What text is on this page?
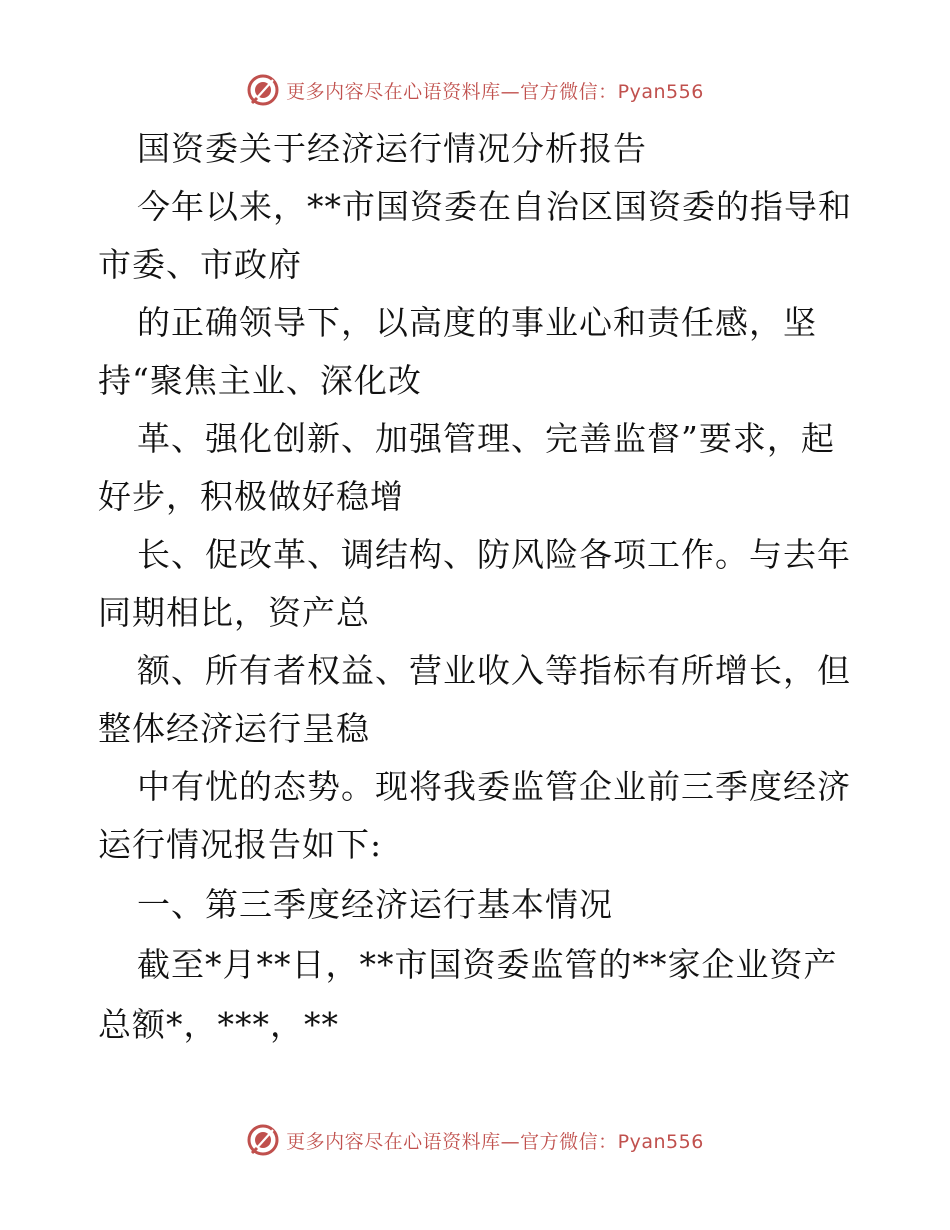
更多内容尽在心语资料库—官方微信：Pyan556
国资委关于经济运行情况分析报告
今年以来，**市国资委在自治区国资委的指导和
市委、市政府
的正确领导下，以高度的事业心和责任感，坚
持“聚焦主业、深化改
革、强化创新、加强管理、完善监督”要求，起
好步，积极做好稳增
长、促改革、调结构、防风险各项工作。与去年
同期相比，资产总
额、所有者权益、营业收入等指标有所增长，但
整体经济运行呈稳
中有忧的态势。现将我委监管企业前三季度经济
运行情况报告如下:
一、第三季度经济运行基本情况
截至*月**日，**市国资委监管的**家企业资产
总额*，***，**
更多内容尽在心语资料库—官方微信：Pyan556
